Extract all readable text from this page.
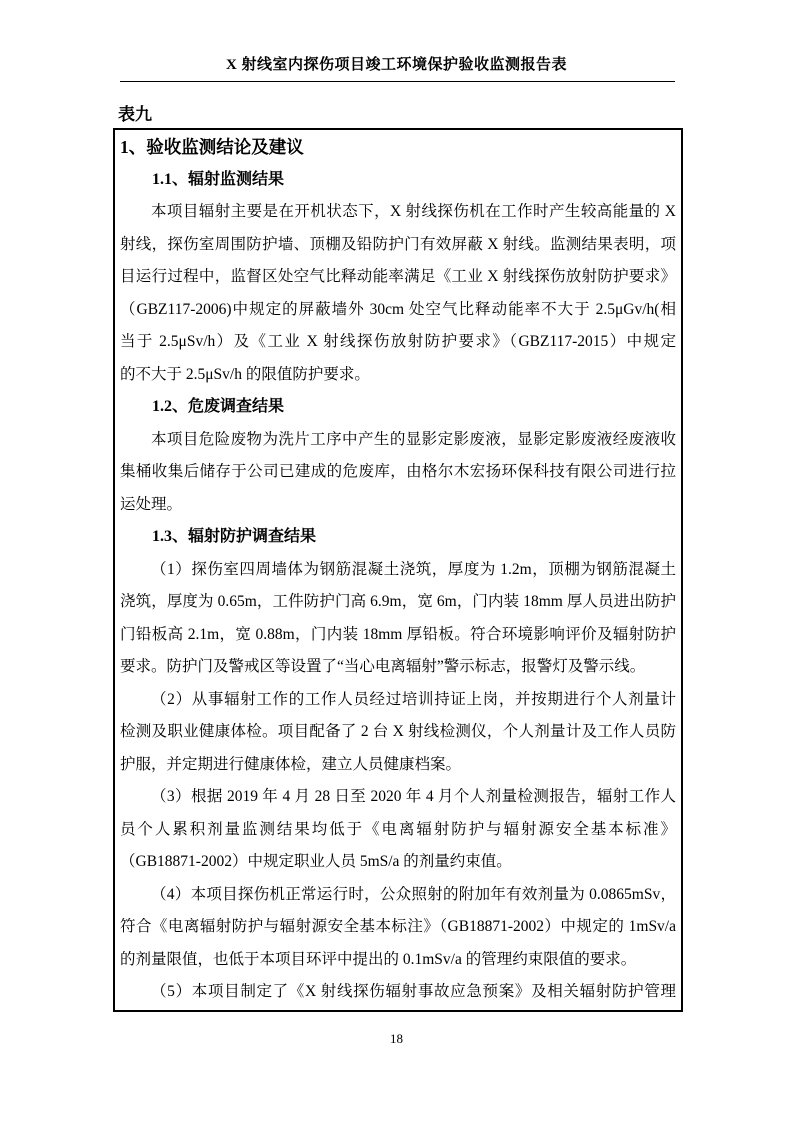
X 射线室内探伤项目竣工环境保护验收监测报告表
表九
1、验收监测结论及建议
1.1、辐射监测结果
本项目辐射主要是在开机状态下，X 射线探伤机在工作时产生较高能量的 X
射线，探伤室周围防护墙、顶棚及铅防护门有效屏蔽 X 射线。监测结果表明，项
目运行过程中，监督区处空气比释动能率满足《工业 X 射线探伤放射防护要求》
（GBZ117-2006)中规定的屏蔽墙外 30cm 处空气比释动能率不大于 2.5μGv/h(相
当于 2.5μSv/h）及《工业 X 射线探伤放射防护要求》（GBZ117-2015）中规定
的不大于 2.5μSv/h 的限值防护要求。
1.2、危废调查结果
本项目危险废物为洗片工序中产生的显影定影废液，显影定影废液经废液收
集桶收集后储存于公司已建成的危废库，由格尔木宏扬环保科技有限公司进行拉
运处理。
1.3、辐射防护调查结果
（1）探伤室四周墙体为钢筋混凝土浇筑，厚度为 1.2m，顶棚为钢筋混凝土
浇筑，厚度为 0.65m，工件防护门高 6.9m，宽 6m，门内装 18mm 厚人员进出防护
门铅板高 2.1m，宽 0.88m，门内装 18mm 厚铅板。符合环境影响评价及辐射防护
要求。防护门及警戒区等设置了“当心电离辐射”警示标志，报警灯及警示线。
（2）从事辐射工作的工作人员经过培训持证上岗，并按期进行个人剂量计
检测及职业健康体检。项目配备了 2 台 X 射线检测仪，个人剂量计及工作人员防
护服，并定期进行健康体检，建立人员健康档案。
（3）根据 2019 年 4 月 28 日至 2020 年 4 月个人剂量检测报告，辐射工作人
员个人累积剂量监测结果均低于《电离辐射防护与辐射源安全基本标准》
（GB18871-2002）中规定职业人员 5mS/a 的剂量约束值。
（4）本项目探伤机正常运行时，公众照射的附加年有效剂量为 0.0865mSv，
符合《电离辐射防护与辐射源安全基本标注》（GB18871-2002）中规定的 1mSv/a
的剂量限值，也低于本项目环评中提出的 0.1mSv/a 的管理约束限值的要求。
（5）本项目制定了《X 射线探伤辐射事故应急预案》及相关辐射防护管理
18
